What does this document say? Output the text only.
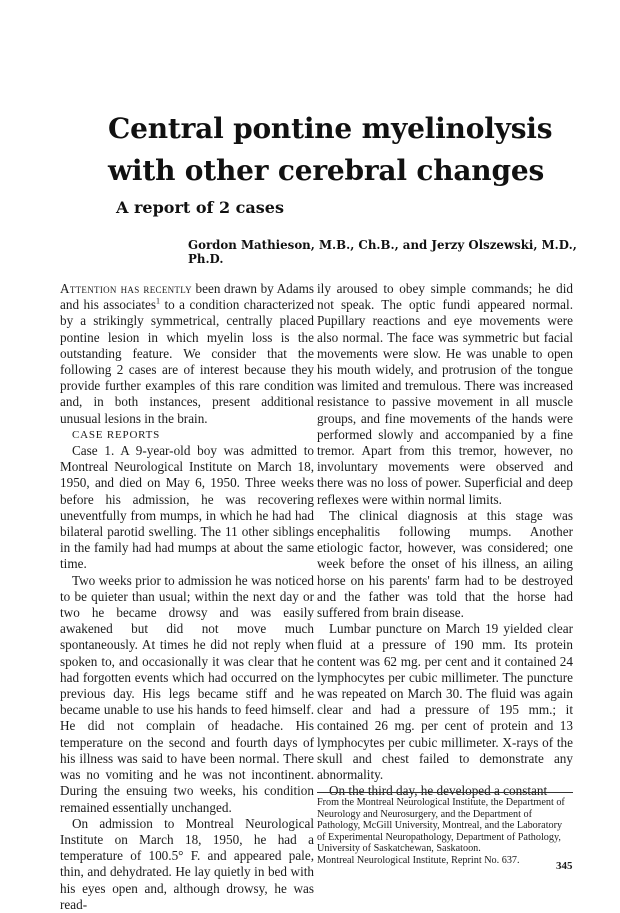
Central pontine myelinolysis
with other cerebral changes
A report of 2 cases
Gordon Mathieson, M.B., Ch.B., and Jerzy Olszewski, M.D., Ph.D.

Attention has recently been drawn by Adams and his associates$^1$ to a condition characterized by a strikingly symmetrical, centrally placed pontine lesion in which myelin loss is the outstanding feature. We consider that the following 2 cases are of interest because they provide further examples of this rare condition and, in both instances, present additional unusual lesions in the brain.

CASE REPORTS

Case 1. A 9-year-old boy was admitted to Montreal Neurological Institute on March 18, 1950, and died on May 6, 1950. Three weeks before his admission, he was recovering uneventfully from mumps, in which he had had bilateral parotid swelling. The 11 other siblings in the family had had mumps at about the same time.

Two weeks prior to admission he was noticed to be quieter than usual; within the next day or two he became drowsy and was easily awakened but did not move much spontaneously. At times he did not reply when spoken to, and occasionally it was clear that he had forgotten events which had occurred on the previous day. His legs became stiff and he became unable to use his hands to feed himself. He did not complain of headache. His temperature on the second and fourth days of his illness was said to have been normal. There was no vomiting and he was not incontinent. During the ensuing two weeks, his condition remained essentially unchanged.

On admission to Montreal Neurological Institute on March 18, 1950, he had a temperature of 100.5° F. and appeared pale, thin, and dehydrated. He lay quietly in bed with his eyes open and, although drowsy, he was read-

ily aroused to obey simple commands; he did not speak. The optic fundi appeared normal. Pupillary reactions and eye movements were also normal. The face was symmetric but facial movements were slow. He was unable to open his mouth widely, and protrusion of the tongue was limited and tremulous. There was increased resistance to passive movement in all muscle groups, and fine movements of the hands were performed slowly and accompanied by a fine tremor. Apart from this tremor, however, no involuntary movements were observed and there was no loss of power. Superficial and deep reflexes were within normal limits.

The clinical diagnosis at this stage was encephalitis following mumps. Another etiologic factor, however, was considered; one week before the onset of his illness, an ailing horse on his parents' farm had to be destroyed and the father was told that the horse had suffered from brain disease.

Lumbar puncture on March 19 yielded clear fluid at a pressure of 190 mm. Its protein content was 62 mg. per cent and it contained 24 lymphocytes per cubic millimeter. The puncture was repeated on March 30. The fluid was again clear and had a pressure of 195 mm.; it contained 26 mg. per cent of protein and 13 lymphocytes per cubic millimeter. X-rays of the skull and chest failed to demonstrate any abnormality.

On the third day, he developed a constant

From the Montreal Neurological Institute, the Department of Neurology and Neurosurgery, and the Department of Pathology, McGill University, Montreal, and the Laboratory of Experimental Neuropathology, Department of Pathology, University of Saskatchewan, Saskatoon.
Montreal Neurological Institute, Reprint No. 637.	345
